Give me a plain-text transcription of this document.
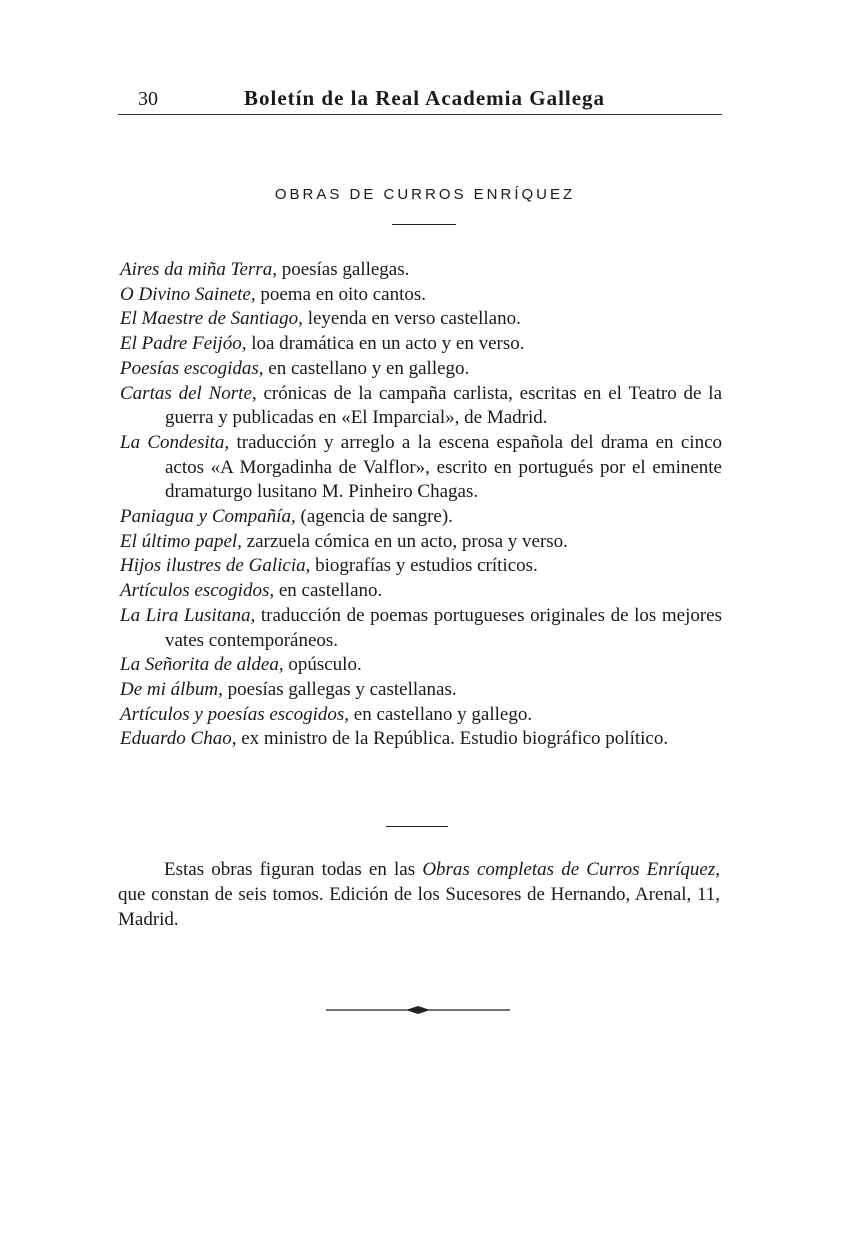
30	Boletín de la Real Academia Gallega
OBRAS DE CURROS ENRÍQUEZ
Aires da miña Terra, poesías gallegas.
O Divino Sainete, poema en oito cantos.
El Maestre de Santiago, leyenda en verso castellano.
El Padre Feijóo, loa dramática en un acto y en verso.
Poesías escogidas, en castellano y en gallego.
Cartas del Norte, crónicas de la campaña carlista, escritas en el Teatro de la guerra y publicadas en «El Imparcial», de Madrid.
La Condesita, traducción y arreglo a la escena española del drama en cinco actos «A Morgadinha de Valflor», escrito en portugués por el eminente dramaturgo lusitano M. Pinheiro Chagas.
Paniagua y Compañía, (agencia de sangre).
El último papel, zarzuela cómica en un acto, prosa y verso.
Hijos ilustres de Galicia, biografías y estudios críticos.
Artículos escogidos, en castellano.
La Lira Lusitana, traducción de poemas portugueses originales de los mejores vates contemporáneos.
La Señorita de aldea, opúsculo.
De mi álbum, poesías gallegas y castellanas.
Artículos y poesías escogidos, en castellano y gallego.
Eduardo Chao, ex ministro de la República. Estudio biográfico político.
Estas obras figuran todas en las Obras completas de Curros Enríquez, que constan de seis tomos. Edición de los Sucesores de Hernando, Arenal, 11, Madrid.
